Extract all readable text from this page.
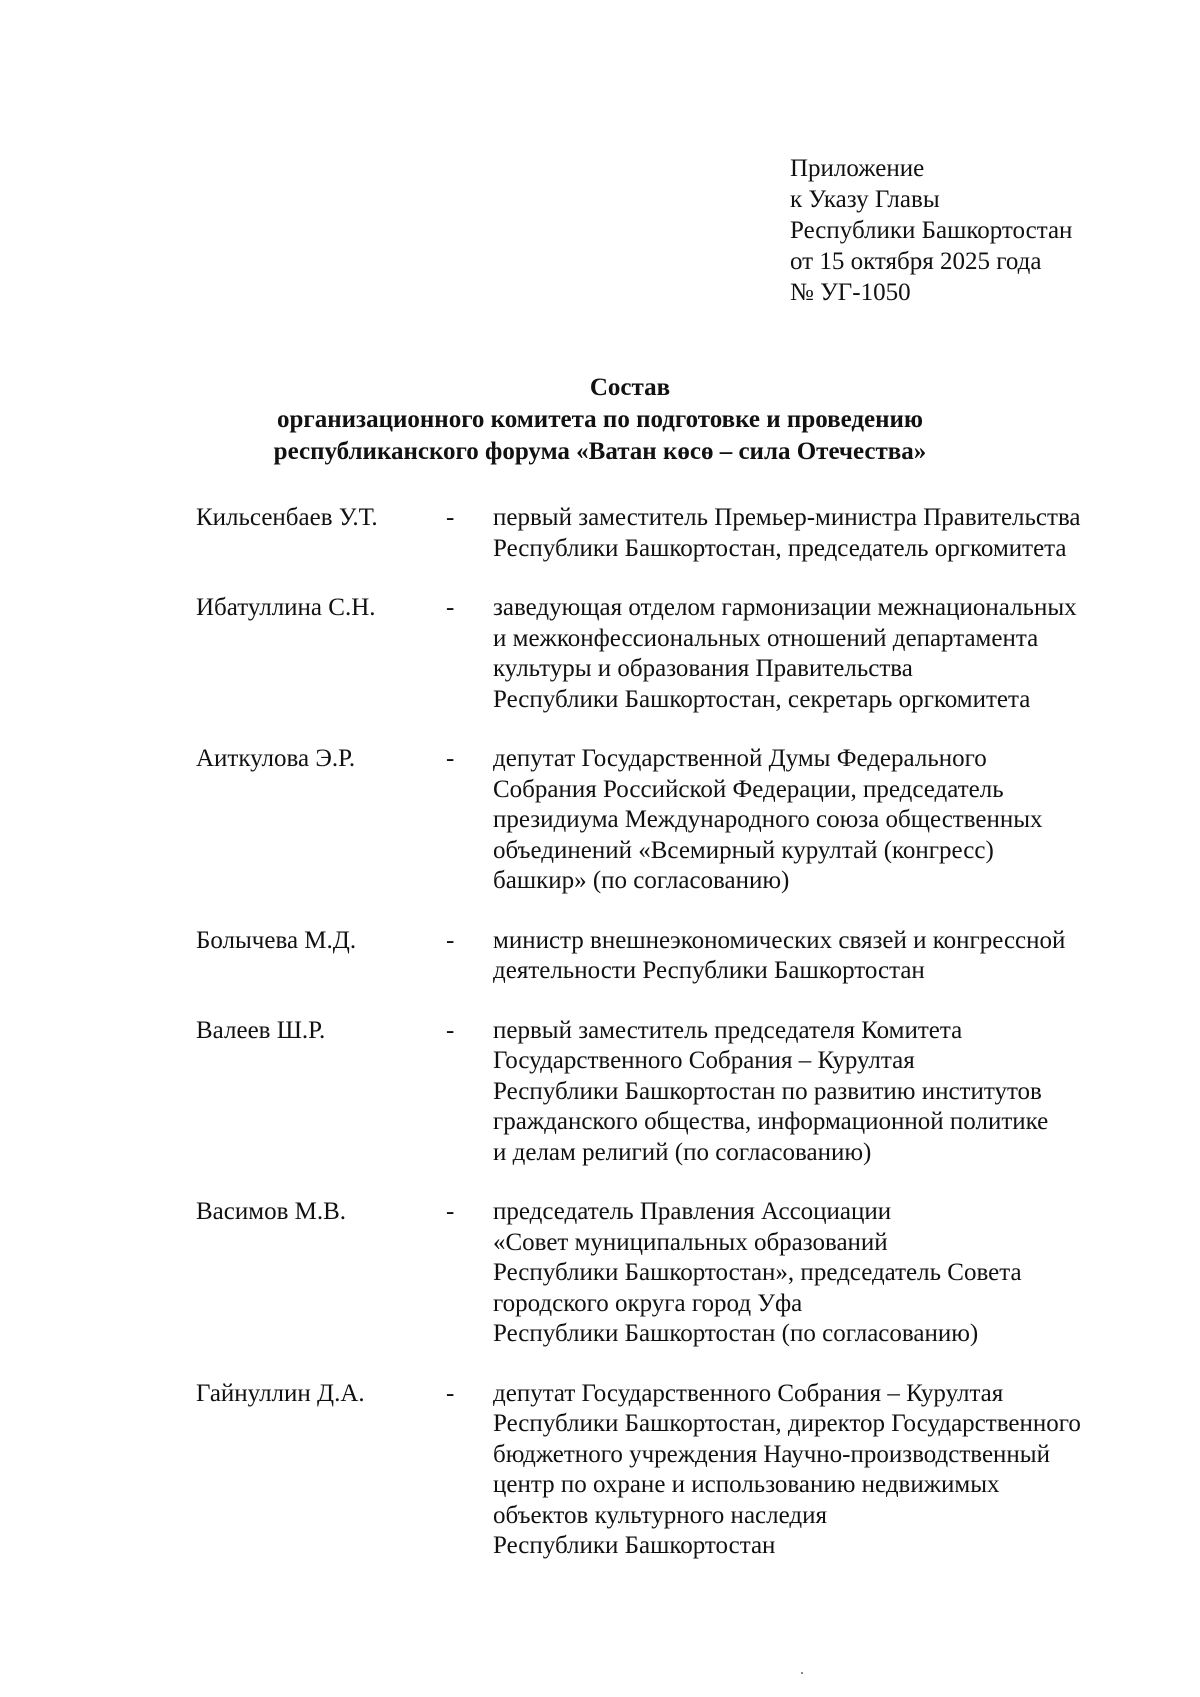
Приложение
к Указу Главы
Республики Башкортостан
от 15 октября 2025 года
№ УГ-1050
Состав
организационного комитета по подготовке и проведению
республиканского форума «Ватан көсө – сила Отечества»
Кильсенбаев У.Т.	-	первый заместитель Премьер-министра Правительства
Республики Башкортостан, председатель оргкомитета
Ибатуллина С.Н.	-	заведующая отделом гармонизации межнациональных
и межконфессиональных отношений департамента
культуры и образования Правительства
Республики Башкортостан, секретарь оргкомитета
Аиткулова Э.Р.	-	депутат Государственной Думы Федерального
Собрания Российской Федерации, председатель
президиума Международного союза общественных
объединений «Всемирный курултай (конгресс)
башкир» (по согласованию)
Болычева М.Д.	-	министр внешнеэкономических связей и конгрессной
деятельности Республики Башкортостан
Валеев Ш.Р.	-	первый заместитель председателя Комитета
Государственного Собрания – Курултая
Республики Башкортостан по развитию институтов
гражданского общества, информационной политике
и делам религий (по согласованию)
Васимов М.В.	-	председатель Правления Ассоциации
«Совет муниципальных образований
Республики Башкортостан», председатель Совета
городского округа город Уфа
Республики Башкортостан (по согласованию)
Гайнуллин Д.А.	-	депутат Государственного Собрания – Курултая
Республики Башкортостан, директор Государственного
бюджетного учреждения Научно-производственный
центр по охране и использованию недвижимых
объектов культурного наследия
Республики Башкортостан
